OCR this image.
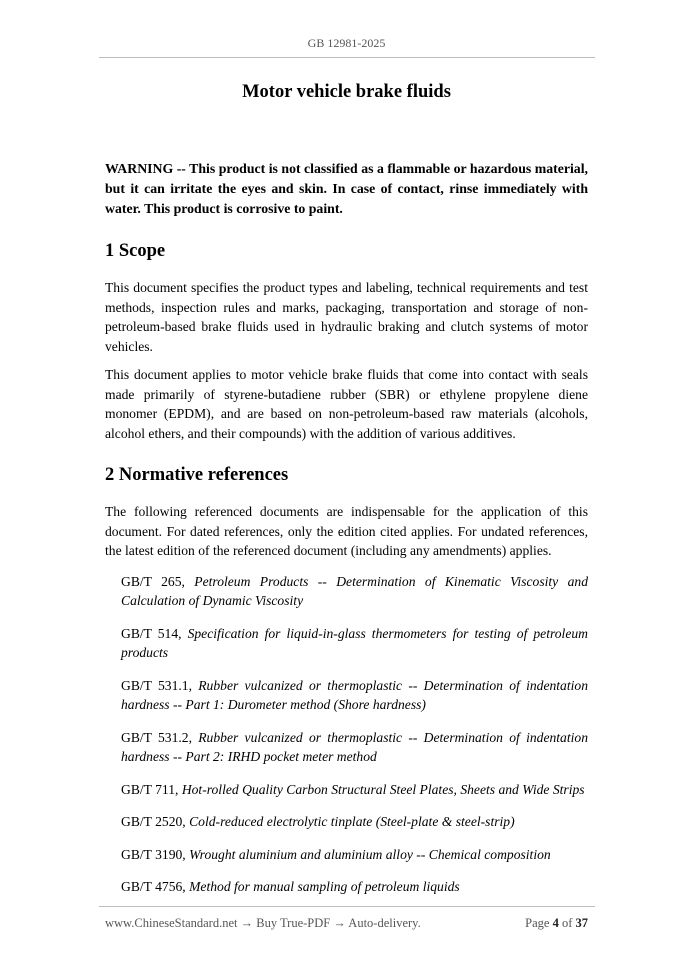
GB 12981-2025
Motor vehicle brake fluids

WARNING -- This product is not classified as a flammable or hazardous material, but it can irritate the eyes and skin. In case of contact, rinse immediately with water. This product is corrosive to paint.

1 Scope

This document specifies the product types and labeling, technical requirements and test methods, inspection rules and marks, packaging, transportation and storage of non-petroleum-based brake fluids used in hydraulic braking and clutch systems of motor vehicles.

This document applies to motor vehicle brake fluids that come into contact with seals made primarily of styrene-butadiene rubber (SBR) or ethylene propylene diene monomer (EPDM), and are based on non-petroleum-based raw materials (alcohols, alcohol ethers, and their compounds) with the addition of various additives.

2 Normative references

The following referenced documents are indispensable for the application of this document. For dated references, only the edition cited applies. For undated references, the latest edition of the referenced document (including any amendments) applies.

GB/T 265, Petroleum Products -- Determination of Kinematic Viscosity and Calculation of Dynamic Viscosity

GB/T 514, Specification for liquid-in-glass thermometers for testing of petroleum products

GB/T 531.1, Rubber vulcanized or thermoplastic -- Determination of indentation hardness -- Part 1: Durometer method (Shore hardness)

GB/T 531.2, Rubber vulcanized or thermoplastic -- Determination of indentation hardness -- Part 2: IRHD pocket meter method

GB/T 711, Hot-rolled Quality Carbon Structural Steel Plates, Sheets and Wide Strips

GB/T 2520, Cold-reduced electrolytic tinplate (Steel-plate & steel-strip)

GB/T 3190, Wrought aluminium and aluminium alloy -- Chemical composition

GB/T 4756, Method for manual sampling of petroleum liquids

www.ChineseStandard.net → Buy True-PDF → Auto-delivery.	Page 4 of 37
